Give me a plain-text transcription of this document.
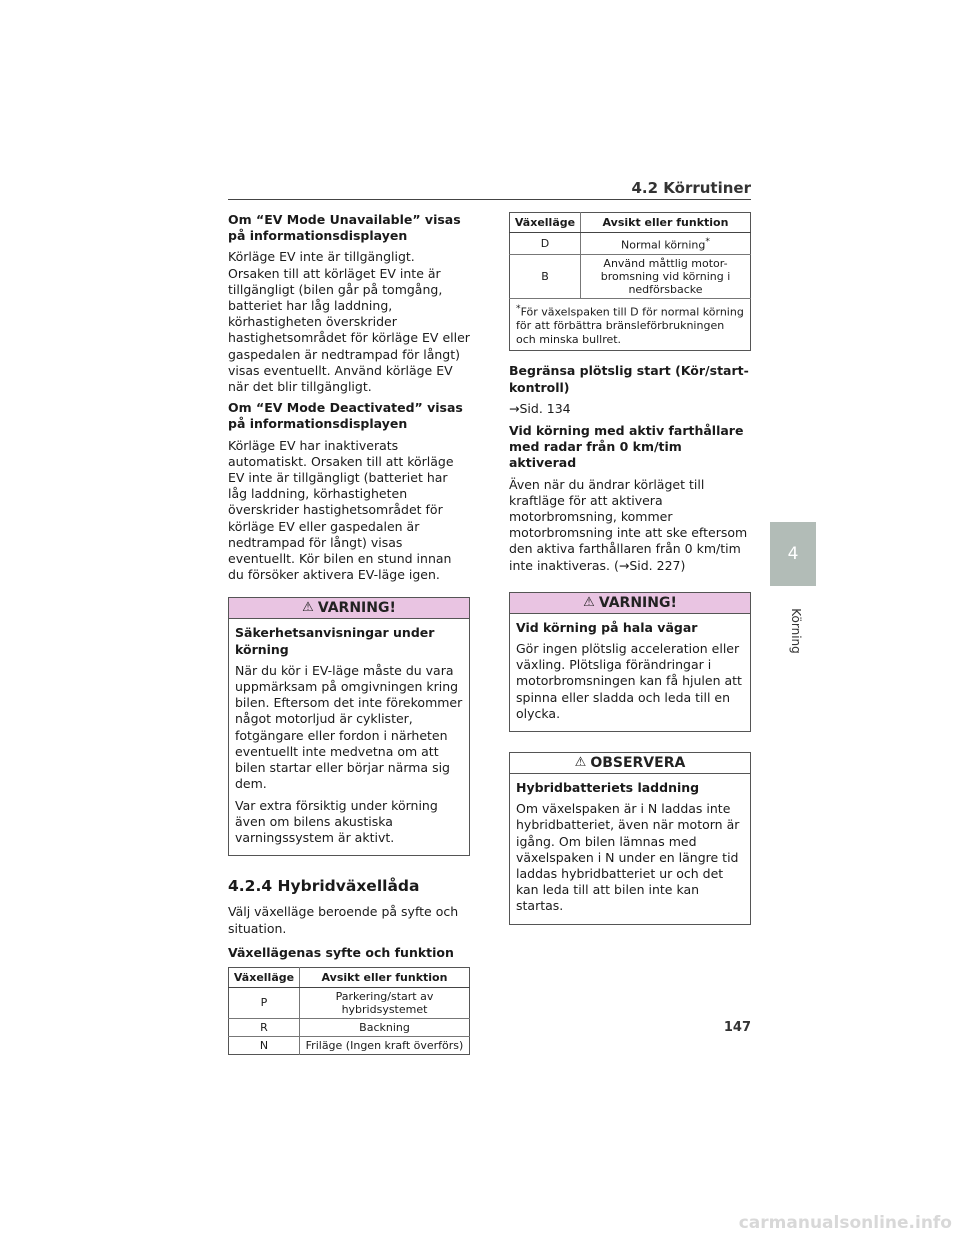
4.2 Körrutiner
Om “EV Mode Unavailable” visas på informationsdisplayen
Körläge EV inte är tillgängligt. Orsaken till att körläget EV inte är tillgängligt (bilen går på tomgång, batteriet har låg laddning, körhastigheten överskrider hastighetsområdet för körläge EV eller gaspedalen är nedtrampad för långt) visas eventuellt. Använd körläge EV när det blir tillgängligt.
Om “EV Mode Deactivated” visas på informationsdisplayen
Körläge EV har inaktiverats automatiskt. Orsaken till att körläge EV inte är tillgängligt (batteriet har låg laddning, körhastigheten överskrider hastighetsområdet för körläge EV eller gaspedalen är nedtrampad för långt) visas eventuellt. Kör bilen en stund innan du försöker aktivera EV-läge igen.
⚠ VARNING!
Säkerhetsanvisningar under körning
När du kör i EV-läge måste du vara uppmärksam på omgivningen kring bilen. Eftersom det inte förekommer något motorljud är cyklister, fotgängare eller fordon i närheten eventuellt inte medvetna om att bilen startar eller börjar närma sig dem.
Var extra försiktig under körning även om bilens akustiska varningssystem är aktivt.
4.2.4 Hybridväxellåda
Välj växelläge beroende på syfte och situation.
Växellägenas syfte och funktion
Växelläge	Avsikt eller funktion
P	Parkering/start av hybridsystemet
R	Backning
N	Friläge (Ingen kraft överförs)
Växelläge	Avsikt eller funktion
D	Normal körning*
B	Använd måttlig motor-bromsning vid körning i nedförsbacke
*För växelspaken till D för normal körning för att förbättra bränsleförbrukningen och minska bullret.	
Begränsa plötslig start (Kör/start-kontroll)
→Sid. 134
Vid körning med aktiv farthållare med radar från 0 km/tim aktiverad
Även när du ändrar körläget till kraftläge för att aktivera motorbromsning, kommer motorbromsning inte att ske eftersom den aktiva farthållaren från 0 km/tim inte inaktiveras. (→Sid. 227)
⚠ VARNING!
Vid körning på hala vägar
Gör ingen plötslig acceleration eller växling. Plötsliga förändringar i motorbromsningen kan få hjulen att spinna eller sladda och leda till en olycka.
⚠ OBSERVERA
Hybridbatteriets laddning
Om växelspaken är i N laddas inte hybridbatteriet, även när motorn är igång. Om bilen lämnas med växelspaken i N under en längre tid laddas hybridbatteriet ur och det kan leda till att bilen inte kan startas.
4
Körning
147
carmanualsonline.info
